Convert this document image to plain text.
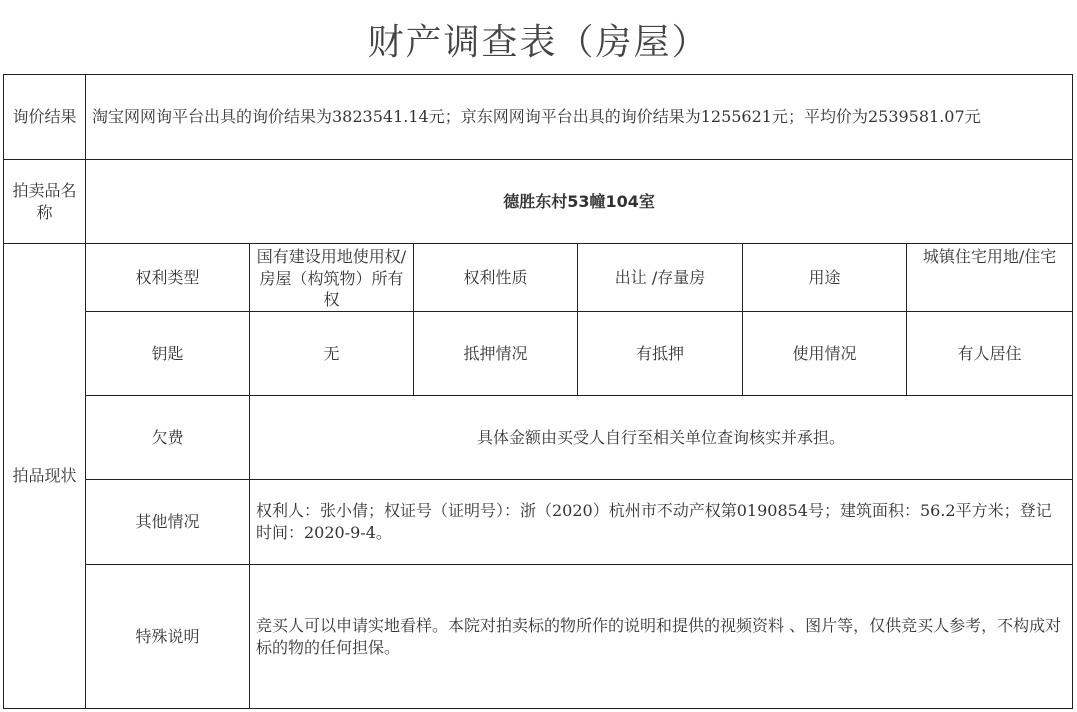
财产调查表（房屋）
询价结果	淘宝网网询平台出具的询价结果为3823541.14元；京东网网询平台出具的询价结果为1255621元；平均价为2539581.07元					
拍卖品名称	德胜东村53幢104室					
拍品现状	权利类型	国有建设用地使用权/房屋（构筑物）所有权	权利性质	出让 /存量房	用途	城镇住宅用地/住宅
	钥匙	无	抵押情况	有抵押	使用情况	有人居住
	欠费	具体金额由买受人自行至相关单位查询核实并承担。				
	其他情况	权利人：张小倩；权证号（证明号）：浙（2020）杭州市不动产权第0190854号；建筑面积：56.2平方米；登记时间：2020-9-4。				
	特殊说明	竞买人可以申请实地看样。本院对拍卖标的物所作的说明和提供的视频资料 、图片等，仅供竞买人参考，不构成对标的物的任何担保。				
